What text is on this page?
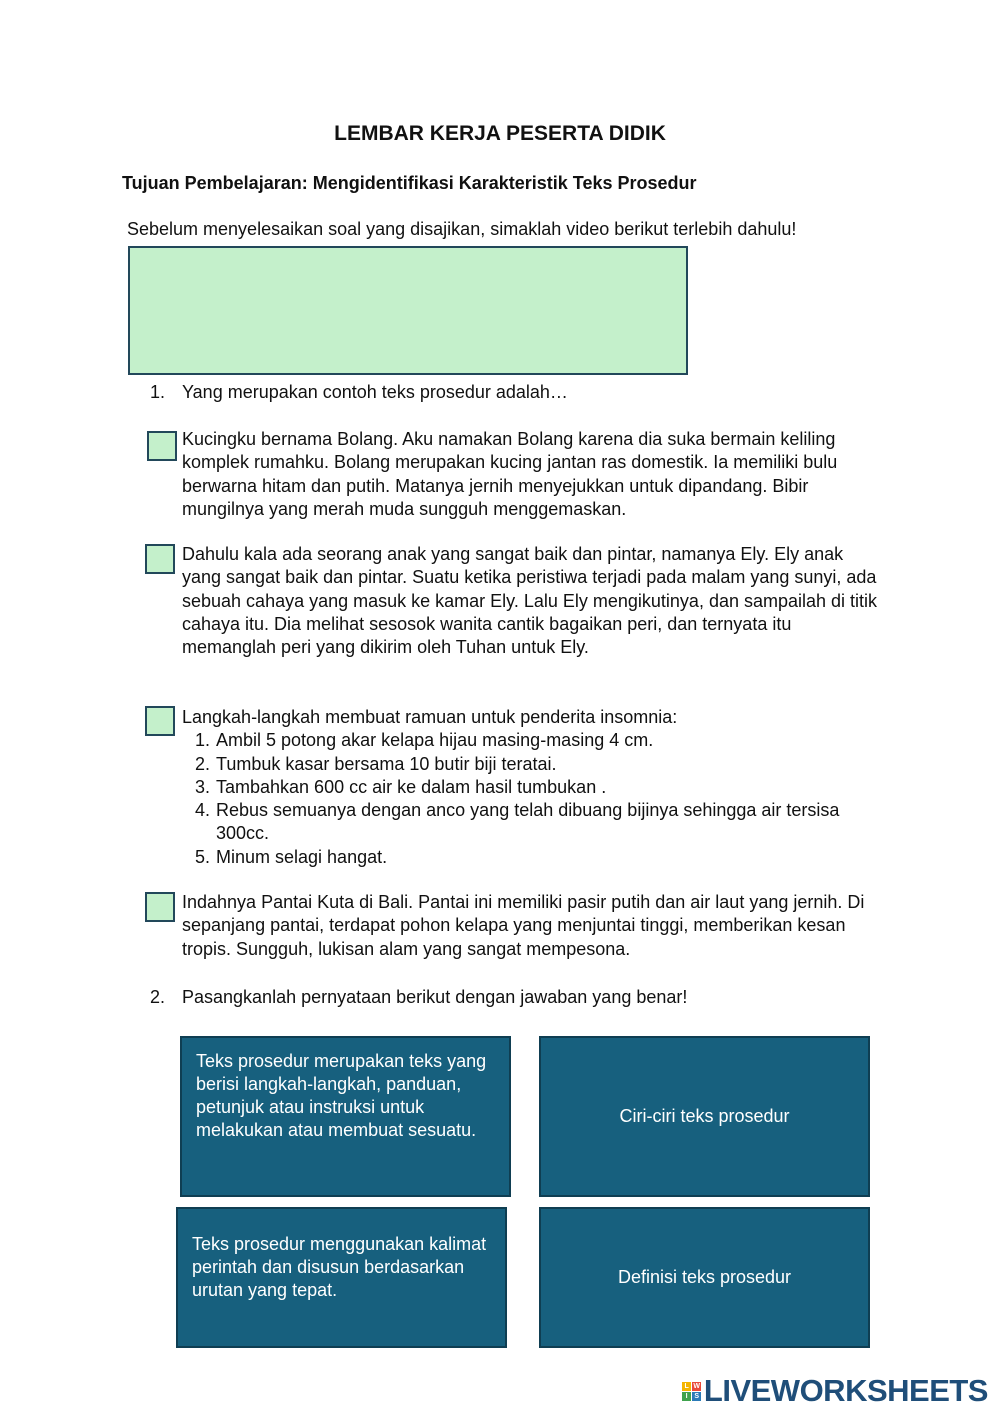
LEMBAR KERJA PESERTA DIDIK
Tujuan Pembelajaran: Mengidentifikasi Karakteristik Teks Prosedur
Sebelum menyelesaikan soal yang disajikan, simaklah video berikut terlebih dahulu!
1. Yang merupakan contoh teks prosedur adalah…
Kucingku bernama Bolang. Aku namakan Bolang karena dia suka bermain keliling komplek rumahku. Bolang merupakan kucing jantan ras domestik. Ia memiliki bulu berwarna hitam dan putih. Matanya jernih menyejukkan untuk dipandang. Bibir mungilnya yang merah muda sungguh menggemaskan.
Dahulu kala ada seorang anak yang sangat baik dan pintar, namanya Ely. Ely anak yang sangat baik dan pintar. Suatu ketika peristiwa terjadi pada malam yang sunyi, ada sebuah cahaya yang masuk ke kamar Ely. Lalu Ely mengikutinya, dan sampailah di titik cahaya itu. Dia melihat sesosok wanita cantik bagaikan peri, dan ternyata itu memanglah peri yang dikirim oleh Tuhan untuk Ely.
Langkah-langkah membuat ramuan untuk penderita insomnia:
1. Ambil 5 potong akar kelapa hijau masing-masing 4 cm.
2. Tumbuk kasar bersama 10 butir biji teratai.
3. Tambahkan 600 cc air ke dalam hasil tumbukan .
4. Rebus semuanya dengan anco yang telah dibuang bijinya sehingga air tersisa 300cc.
5. Minum selagi hangat.
Indahnya Pantai Kuta di Bali. Pantai ini memiliki pasir putih dan air laut yang jernih. Di sepanjang pantai, terdapat pohon kelapa yang menjuntai tinggi, memberikan kesan tropis. Sungguh, lukisan alam yang sangat mempesona.
2. Pasangkanlah pernyataan berikut dengan jawaban yang benar!
Teks prosedur merupakan teks yang berisi langkah-langkah, panduan, petunjuk atau instruksi untuk melakukan atau membuat sesuatu.
Ciri-ciri teks prosedur
Teks prosedur menggunakan kalimat perintah dan disusun berdasarkan urutan yang tepat.
Definisi teks prosedur
L W
I	S LIVEWORKSHEETS
